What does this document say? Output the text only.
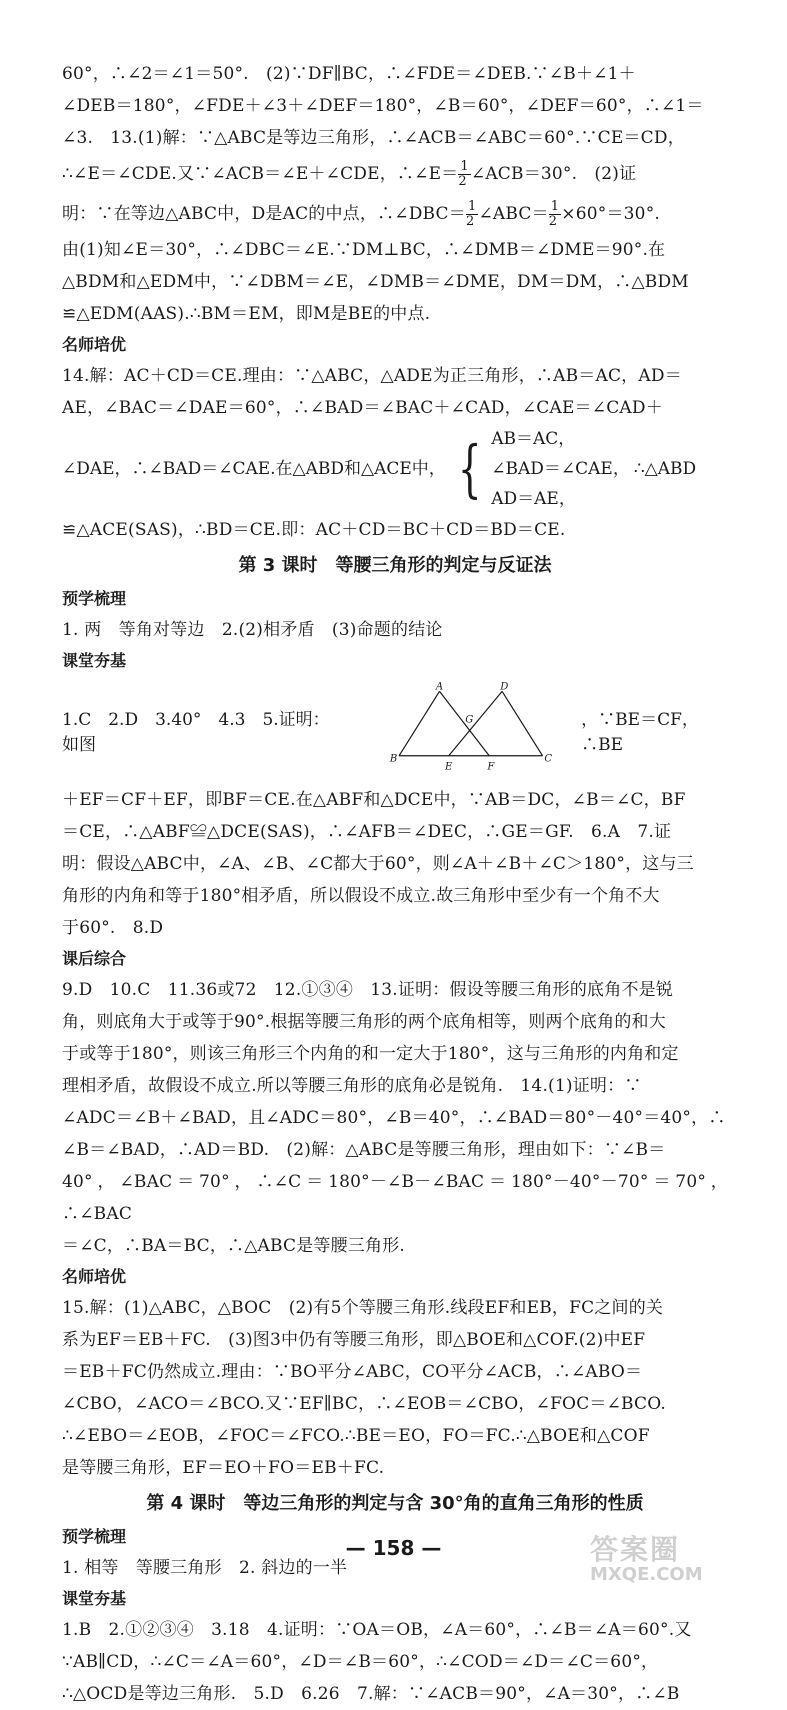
60°，∴∠2＝∠1＝50°.　(2)∵DF∥BC，∴∠FDE＝∠DEB.∵∠B＋∠1＋

∠DEB＝180°，∠FDE＋∠3＋∠DEF＝180°，∠B＝60°，∠DEF＝60°，∴∠1＝

∠3.　13.(1)解：∵△ABC是等边三角形，∴∠ACB＝∠ABC＝60°.∵CE＝CD，

∴∠E＝∠CDE.又∵∠ACB＝∠E＋∠CDE，∴∠E＝ $\frac{1}{2}$ ∠ACB＝30°.　(2)证

明：∵在等边△ABC中，D是AC的中点，∴∠DBC＝ $\frac{1}{2}$ ∠ABC＝ $\frac{1}{2} \times 60^\circ=30^\circ$.

由(1)知∠E＝30°，∴∠DBC＝∠E.∵DM⊥BC，∴∠DMB＝∠DME＝90°.在

△BDM和△EDM中，∵∠DBM＝∠E，∠DMB＝∠DME，DM＝DM，∴△BDM

≌△EDM(AAS).∴BM＝EM，即M是BE的中点.

名师培优

14.解：AC＋CD＝CE.理由：∵△ABC，△ADE为正三角形，∴AB＝AC，AD＝

AE，∠BAC＝∠DAE＝60°，∴∠BAD＝∠BAC＋∠CAD，∠CAE＝∠CAD＋

∠DAE，∴∠BAD＝∠CAE.在△ABD和△ACE中， { AB＝AC，
∠BAD＝∠CAE，
AD＝AE，
∴△ABD

≌△ACE(SAS)，∴BD＝CE.即：AC＋CD＝BC＋CD＝BD＝CE.

第 3 课时　等腰三角形的判定与反证法

预学梳理

1. 两　等角对等边　2.(2)相矛盾　(3)命题的结论

课堂夯基

1.C　2.D　3.40°　4.3　5.证明：如图
A	D
G
B
E	F
C
，∵BE＝CF，∴BE

＋EF＝CF＋EF，即BF＝CE.在△ABF和△DCE中，∵AB＝DC，∠B＝∠C，BF

＝CE，∴△ABF≌△DCE(SAS)，∴∠AFB＝∠DEC，∴GE＝GF.　6.A　7.证

明：假设△ABC中，∠A、∠B、∠C都大于60°，则∠A＋∠B＋∠C＞180°，这与三

角形的内角和等于180°相矛盾，所以假设不成立.故三角形中至少有一个角不大

于60°.　8.D

课后综合

9.D　10.C　11.36或72　12.①③④　13.证明：假设等腰三角形的底角不是锐

角，则底角大于或等于90°.根据等腰三角形的两个底角相等，则两个底角的和大

于或等于180°，则该三角形三个内角的和一定大于180°，这与三角形的内角和定

理相矛盾，故假设不成立.所以等腰三角形的底角必是锐角.　14.(1)证明：∵

∠ADC＝∠B＋∠BAD，且∠ADC＝80°，∠B＝40°，∴∠BAD＝80°－40°＝40°，∴

∠B＝∠BAD，∴AD＝BD.　(2)解：△ABC是等腰三角形，理由如下：∵∠B＝

40°，∠BAC＝70°，∴∠C＝180°－∠B－∠BAC＝180°－40°－70°＝70°，∴∠BAC

＝∠C，∴BA＝BC，∴△ABC是等腰三角形.

名师培优

15.解：(1)△ABC，△BOC　(2)有5个等腰三角形.线段EF和EB，FC之间的关

系为EF＝EB＋FC.　(3)图3中仍有等腰三角形，即△BOE和△COF.(2)中EF

＝EB＋FC仍然成立.理由：∵BO平分∠ABC，CO平分∠ACB，∴∠ABO＝

∠CBO，∠ACO＝∠BCO.又∵EF∥BC，∴∠EOB＝∠CBO，∠FOC＝∠BCO.

∴∠EBO＝∠EOB，∠FOC＝∠FCO.∴BE＝EO，FO＝FC.∴△BOE和△COF

是等腰三角形，EF＝EO＋FO＝EB＋FC.

第 4 课时　等边三角形的判定与含 30°角的直角三角形的性质

预学梳理

1. 相等　等腰三角形　2. 斜边的一半

课堂夯基

1.B　2.①②③④　3.18　4.证明：∵OA＝OB，∠A＝60°，∴∠B＝∠A＝60°.又

∵AB∥CD，∴∠C＝∠A＝60°，∠D＝∠B＝60°，∴∠COD＝∠D＝∠C＝60°，

∴△OCD是等边三角形.　5.D　6.26　7.解：∵∠ACB＝90°，∠A＝30°，∴∠B

— 158 —	答案圈
MXQE.COM
